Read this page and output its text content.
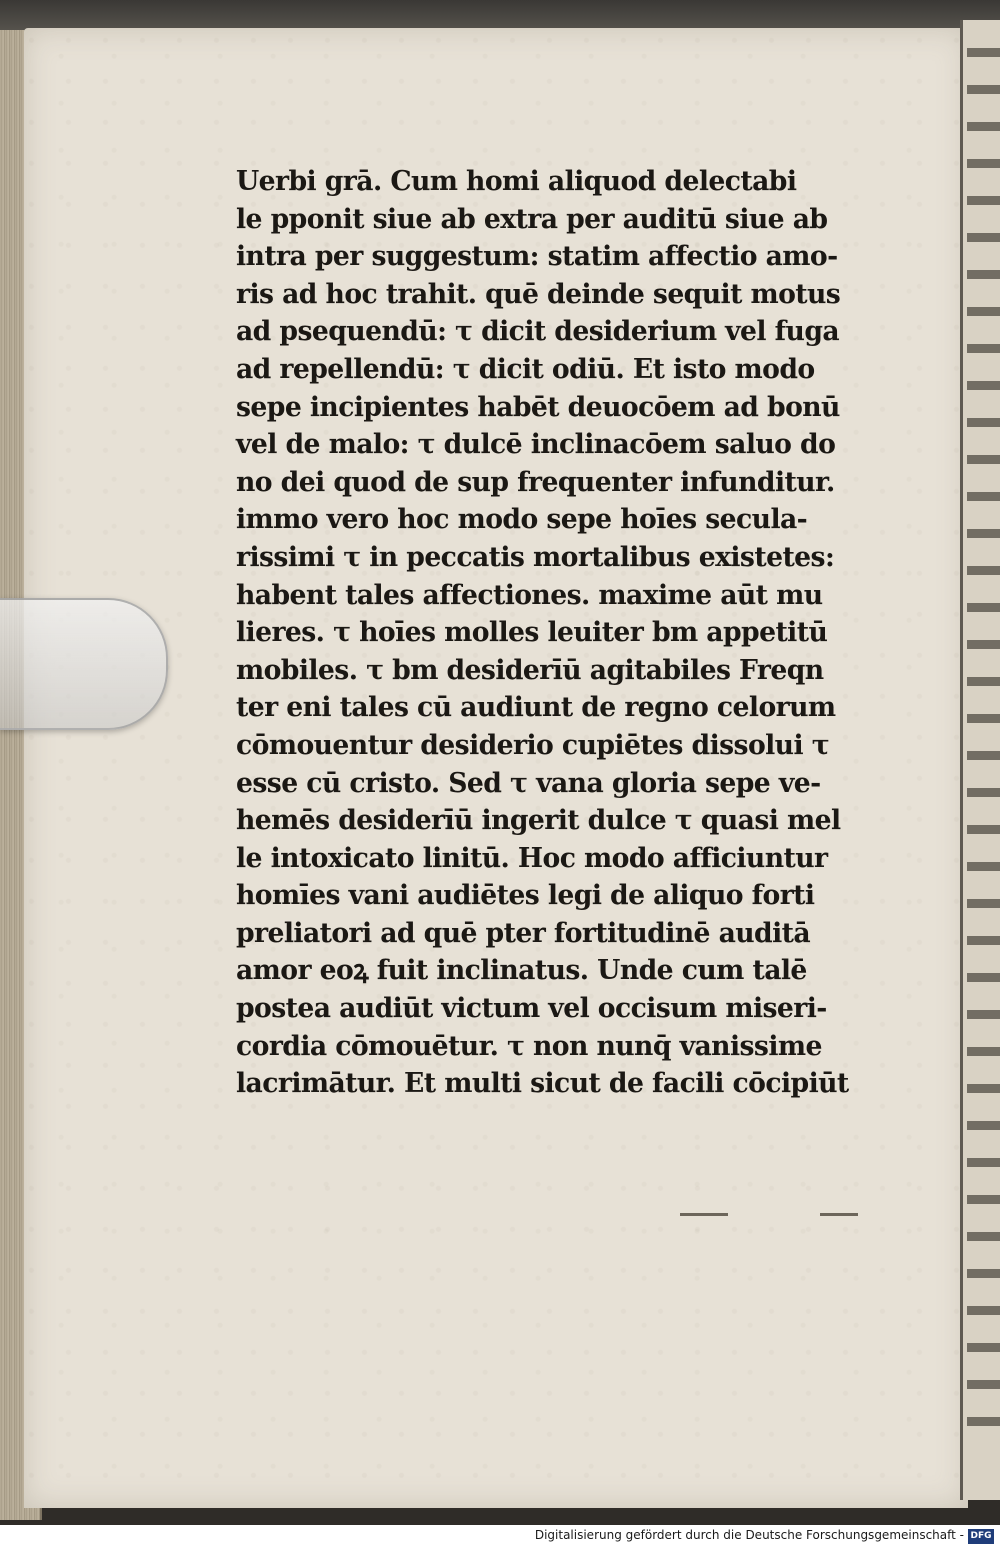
Uerbi grā. Cum homi aliquod delectabi
le pponit siue ab extra per auditū siue ab
intra per suggestum: statim affectio amo-
ris ad hoc trahit. quē deinde sequit motus
ad psequendū: τ dicit desiderium vel fuga
ad repellendū: τ dicit odiū. Et isto modo
sepe incipientes habēt deuocōem ad bonū
vel de malo: τ dulcē inclinacōem saluo do
no dei quod de sup frequenter infunditur.
immo vero hoc modo sepe hoīes secula-
rissimi τ in peccatis mortalibus existetes:
habent tales affectiones. maxime aūt mu
lieres. τ hoīes molles leuiter bm appetitū
mobiles. τ bm desiderīū agitabiles Freqn
ter eni tales cū audiunt de regno celorum
cōmouentur desiderio cupiētes dissolui τ
esse cū cristo. Sed τ vana gloria sepe ve-
hemēs desiderīū ingerit dulce τ quasi mel
le intoxicato linitū. Hoc modo afficiuntur
homīes vani audiētes legi de aliquo forti
preliatori ad quē pter fortitudinē auditā
amor eoꝝ fuit inclinatus. Unde cum talē
postea audiūt victum vel occisum miseri-
cordia cōmouētur. τ non nunq̄ vanissime
lacrimātur. Et multi sicut de facili cōcipiūt
Digitalisierung gefördert durch die Deutsche Forschungsgemeinschaft - DFG
